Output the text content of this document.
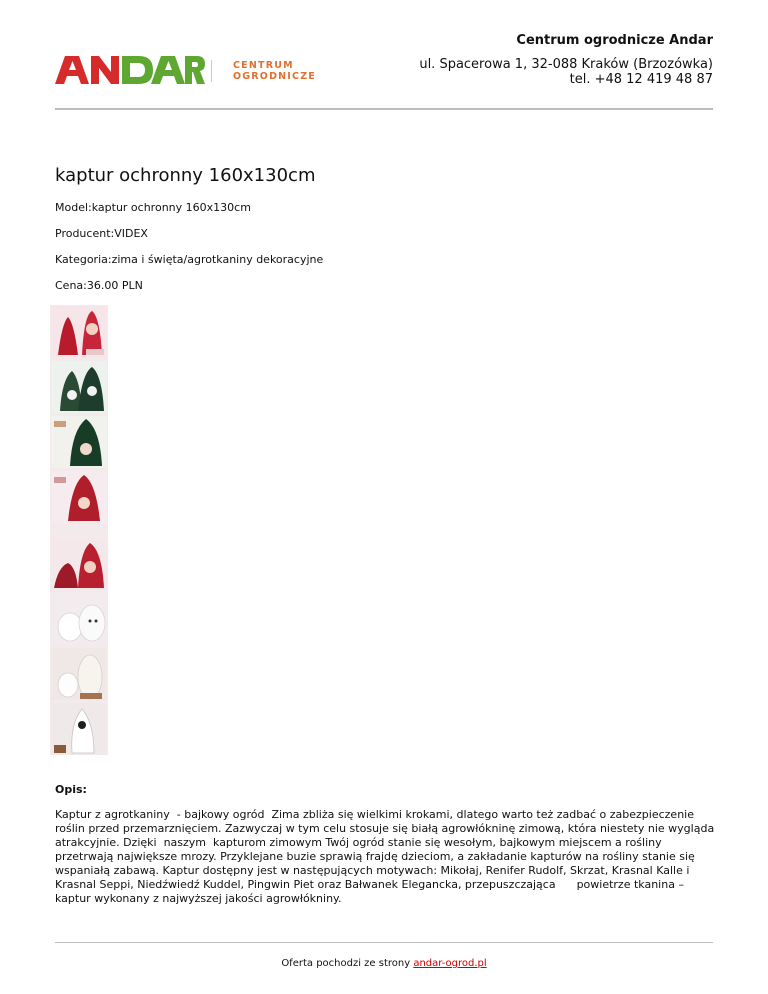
Centrum ogrodnicze Andar
ul. Spacerowa 1, 32-088 Kraków (Brzozówka)
tel. +48 12 419 48 87
CENTRUM
OGRODNICZE
kaptur ochronny 160x130cm
Model:kaptur ochronny 160x130cm
Producent:VIDEX
Kategoria:zima i święta/agrotkaniny dekoracyjne
Cena:36.00 PLN
Opis:
Kaptur z agrotkaniny  - bajkowy ogród  Zima zbliża się wielkimi krokami, dlatego warto też zadbać o zabezpieczenie roślin przed przemarznięciem. Zazwyczaj w tym celu stosuje się białą agrowłókninę zimową, która niestety nie wygląda atrakcyjnie. Dzięki  naszym  kapturom zimowym Twój ogród stanie się wesołym, bajkowym miejscem a rośliny przetrwają największe mrozy. Przyklejane buzie sprawią frajdę dzieciom, a zakładanie kapturów na rośliny stanie się wspaniałą zabawą. Kaptur dostępny jest w następujących motywach: Mikołaj, Renifer Rudolf, Skrzat, Krasnal Kalle i Krasnal Seppi, Niedźwiedź Kuddel, Pingwin Piet oraz Bałwanek Elegancka, przepuszczająca      powietrze tkanina – kaptur wykonany z najwyższej jakości agrowłókniny.
Oferta pochodzi ze strony andar-ogrod.pl
